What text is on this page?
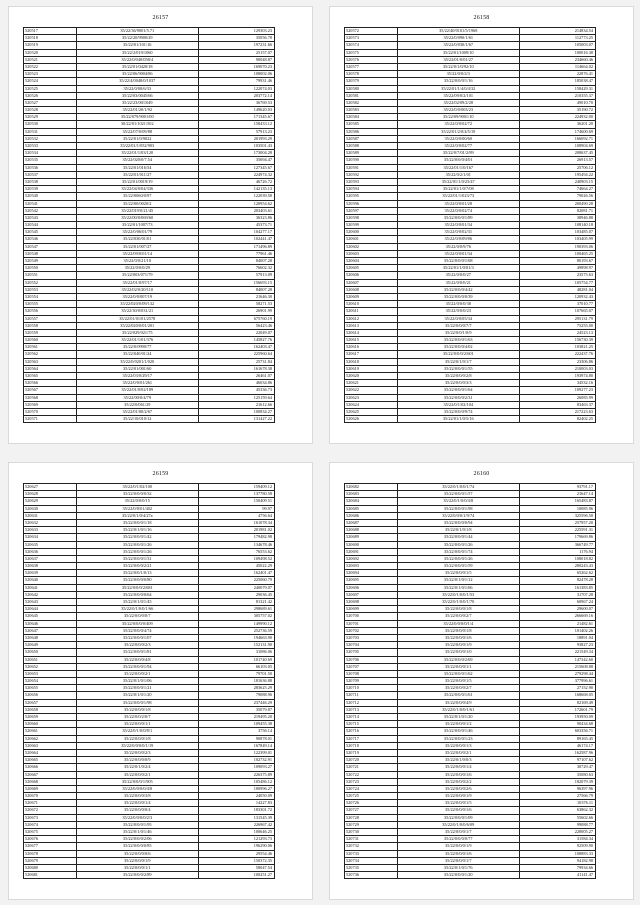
26157
520517	35/22/36/9001/5.71	129303.23
520518	35/22/20/9900/29	35056.78
520519	35/22/01/101/16	197231.66
520520	35/22/2/019/1060	25157.07
520521	35/22/0/040/058/4	90048.87
520522	35/22/01/0420/18	169070.23
520523	35/22/06/9004/86	108002.06
520524	35/22/4/0048/0/1037	79931.46
520525	35/22/0/00/6/33	122074.03
520526	35/22/03/0045/66	203772.14
520527	35/22/23/00/1049	36769.53
520528	35/22/01/20/1/92	149620.03
520529	35/22/079/9001/00	171345.67
520530	30/22/01/1021/502	158433.12
520531	35/22/07/0/09/88	57913.23
520532	35/22/01/0/9022	201993.29
520533	35/22/01/1/052/903	103501.43
520534	35/22/01/1/03/120	173004.28
520535	35/22/020/0/7.54	35694.47
520536	35/22/01/016/54	127345.67
520537	35/22/01/011/27	224974.32
520538	35/22/01/0019/19	46726.72
520539	35/22/04/0/04/336	142135.13
520540	35/22/0060/0/97	122039.58
520541	35/22/00/0020/2	120954.62
520542	35/22/019/0/21/45	203403.61
520543	35/22/00/0/069/60	36323.86
520544	35/22/01/1007/73	45373.71
520545	35/22/0/06/01/79	104277.17
520546	35/22/030/01/01	102441.47
520547	35/22/01/007/27	171496.89
520548	35/22/09/0/01/14	77961.46
520549	35/22/0/0/21/10	84007.28
520550	35/22/0/0/0/29	76602.32
520551	35/22/003/071/79	57913.09
520552	35/22/01/0/97/17	156693.15
520553	35/22/02/0/20/110	84007.28
520554	35/22/0/0/007/19	21646.30
520555	35/22/020/0/09/132	58271.53
520556	35/22/30/0/031/21	26901.99
520557	35/22/01/01/01/2578	675760.19
520558	35/22/020/0/01/201	56423.46
520559	35/22/029/021/75	22049.07
520560	35/22/01/1/01/376	145827.76
520561	35/22/0/0990/77	162403.47
520562	35/22/040/01/24	225960.64
520563	35/22/0/0201/1/020	25731.84
520564	35/22/01/001/60	161678.38
520565	35/22/03/0/29/17	26461.07
520566	35/22/0/0/01/261	46034.86
520567	35/22/01/0/02/189	45336.73
520568	35/22/00/0/4/79	125159.64
520569	35/22/0/061/29	21612.66
520570	35/22/01/00/2/67	100834.27
520571	35/22/10/010/12	131427.22
26158
520572	35/22/40/0101/5/1968	214834.54
520573	35/22/0/090/1/61	112773.25
520574	35/22/0/030/1/67	105003.07
520575	35/22/01/1009/10	100016.38
520576	35/22/01/0/01/27	234660.46
520577	35/22/0/1/0/92/10	114664.02
520578	35/22/0/0/2/3	22876.41
520579	35/22/0/0/0/1/16	185038.47
520580	35/22/01/1/4/0/4/32	158429.31
520581	35/22/09/0/2/101	210355.37
520582	35/22/02/09/2/28	49010.70
520583	35/22/0/0/003/23	35190.72
520584	35/22/09/9001/10	224932.00
520585	35/22/0/0/02/72	36201.20
520586	35/22/01/2/0/4/5/19	174600.69
520587	35/22/0/0/00/60	166092.71
520588	35/22/0/0/02/77	108904.69
520589	35/22/0/7/01/2/89	208637.45
520590	35/22/0/0/0/4/01	26913.57
520591	35/22/01/1/0/167	25706.12
520592	35/22/0/2/1/01	195494.22
520593	35/22/01/1/0/25/47	240903.15
520594	35/22/01/1/0/7/08	74664.27
520595	35/22/01/1/023/73	79026.56
520596	35/22/0/0/01/28	200490.28
520597	35/22/0/0/02/74	82081.71
520598	35/22/0/0/0/1/89	38946.88
520599	35/22/0/0/01/34	108140.18
520600	35/22/0/0/02/31	103485.07
520601	35/22/0/0/09/86	103405.99
520602	35/22/0/0/9/76	190393.06
520603	35/22/0/0/01/34	100465.25
520604	35/22/0/0/0/1/68	80193.67
520605	35/22/01/1/0/01/3	49898.97
520606	35/22/0/0/0/27	23575.63
520607	35/22/0/0/0/21	105754.77
520608	35/22/0/0/0/4/42	48281.04
520609	35/22/0/0/0/0/39	120932.43
520610	35/22/0/0/0/38	37010.77
520611	35/22/0/0/0/23	107665.07
520612	35/22/0/0/05/34	295131.79
520613	35/22/0/0/0/7/7	75255.00
520614	35/22/0/0/1/0/9	24523.13
520615	35/22/0/0/0/1/63	156730.39
520616	35/22/0/0/0/4/02	103821.25
520617	35/22/0/0/0/2/601	222437.76
520618	35/22/0/1/0/1/7	23306.86
520619	35/22/0/0/0/1/55	210003.03
520620	35/22/0/0/0/2/8	193974.80
520621	35/22/0/0/0/3/3	34532.16
520622	35/22/0/0/0/1/64	109277.23
520623	35/22/0/0/0/2/31	26085.99
520624	35/22/0/1/02/104	83463.37
520625	35/22/0/0/0/9/74	217223.63
520626	35/22/01/1/0/5/16	82402.25
26159
520627	35/22/0/1/02/100	159409.12
520628	35/22/0/0/0/0/32	137780.58
520629	35/22/0/0/0/15	150409.51
520630	35/22/0/0/01/402	99.97
520631	35/22/0/1/0/4/27a	4756.64
520632	35/22/0/0/0/1/18	161078.34
520633	35/22/0/1/0/1/16	201981.02
520634	35/22/0/0/0/1/42	179482.98
520635	35/22/0/0/0/1/26	134678.46
520636	35/22/0/0/0/1/26	76553.62
520637	35/22/0/0/0/1/31	109498.52
520638	35/22/0/0/0/2/21	45022.29
520639	35/22/0/0/1/0/13	162401.47
520640	35/22/0/0/0/0/80	225060.79
520641	35/22/0/0/0/2/681	240079.07
520642	35/22/0/0/0/0/64	29036.45
520643	35/22/0/1/0/1/45	81321.42
520644	35/22/0/1/0/0/1/66	298689.61
520645	35/22/0/0/0/0/7	305757.02
520646	35/22/0/0/0/0/409	149990.12
520647	35/22/0/0/0/4/74	252736.59
520648	35/22/0/0/0/1/07	194663.90
520649	35/22/0/0/0/2/3	152131.90
520650	35/22/0/0/0/1/81	31086.06
520651	35/22/0/0/0/4/8	101740.69
520652	35/22/0/0/0/1/94	66103.05
520653	35/22/0/0/0/2/1	79701.50
520654	35/22/0/1/0/1/06	181636.88
520655	35/22/0/0/0/1/21	283625.29
520656	35/22/0/1/0/1/20	79088.96
520657	35/22/0/0/0/1/98	237446.29
520658	35/22/0/0/0/1/8	35079.87
520659	35/22/0/0/2/0/7	219495.20
520660	35/22/0/0/0/1/1	109455.38
520661	35/22/0/1/0/0/8/1	3756.14
520662	35/22/0/0/0/1/8	90878.01
520663	35/22/0/0/0/0/1/19	167849.14
520664	35/22/0/0/0/2/3	122399.01
520665	35/22/0/0/0/0/9	102732.91
520666	35/22/0/1/0/2/4	109093.27
520667	35/22/0/0/0/2/1	226375.89
520668	35/22/0/0/0/1/905	105486.12
520669	35/22/0/0/0/0/4/8	180996.27
520670	35/22/0/0/0/3/8	24050.09
520671	35/22/0/0/0/1/4	14227.83
520672	35/22/0/0/0/0/4	183301.72
520673	35/22/0/0/0/0/2/3	131545.39
520674	35/22/0/0/0/1/95	226967.42
520675	35/22/0/1/0/1/46	100646.25
520676	35/22/0/0/0/2/06	121293.73
520677	35/22/0/0/0/0/85	196290.06
520678	35/22/0/0/0/0/6	29554.46
520679	35/22/0/0/0/1/9	150372.35
520680	35/22/0/0/0/1/1	58047.54
520681	35/22/0/0/0/2/89	100251.27
26160
520682	35/22/0/1/0/0/1/74	93791.17
520683	35/22/0/0/0/1/57	21647.14
520684	35/22/0/1/0/0/4/8	165483.87
520685	35/22/0/0/0/1/98	10085.96
520686	35/22/0/0/0/1/9/74	325596.58
520687	35/22/0/0/0/0/94	257957.20
520688	35/22/0/1/0/1/8	225591.31
520689	35/22/0/0/0/1/44	179669.86
520690	35/22/0/0/0/1/26	366749.77
520691	35/22/0/0/0/1/74	1176.94
520692	35/22/0/0/0/1/26	108018.82
520693	35/22/0/0/0/1/59	280243.43
520694	35/22/0/0/0/1/5	65262.62
520695	35/22/0/1/0/1/12	82478.28
520696	35/22/0/1/0/1/66	161383.85
520697	35/22/0/1/0/0/1/53	31707.28
520698	35/22/0/1/0/0/1/70	60967.24
520699	35/22/0/0/0/1/8	29600.07
520700	35/22/0/0/0/2/7	266669.16
520701	35/22/0/0/0/0/1/4	21482.61
520702	35/22/0/0/0/1/8	101402.26
520703	35/22/0/0/0/1/6	18891.04
520704	35/22/0/0/0/1/9	93827.23
520705	35/22/0/0/0/1/0	221549.34
520706	35/22/0/0/0/2/69	147342.60
520707	35/22/0/0/0/1/1	215608.88
520708	35/22/0/0/0/1/62	279298.44
520709	35/22/0/0/0/1/5	377996.61
520710	35/22/0/0/0/2/7	27152.90
520711	35/22/0/0/0/1/61	168668.05
520712	35/22/0/0/0/4/9	82169.49
520713	35/22/0/1/0/0/1/61	172601.79
520714	35/22/0/1/0/1/20	193950.09
520715	35/22/0/0/0/1/2	90434.68
520716	35/22/0/0/0/1/46	603356.71
520717	35/22/0/0/0/1/23	89165.45
520718	35/22/0/0/0/1/3	46174.17
520719	35/22/0/0/0/2/1	162587.96
520720	35/22/0/1/0/0/3	97107.62
520721	35/22/0/0/0/1/4	30729.47
520722	35/22/0/0/0/1/6	35080.63
520723	35/22/0/0/0/2/2	182079.39
520724	35/22/0/0/0/2/6	96397.96
520725	35/22/0/0/0/1/9	27566.79
520726	35/22/0/0/0/1/5	10376.11
520727	35/22/0/0/0/1/6	63862.32
520728	35/22/0/0/0/1/09	55602.66
520729	35/22/0/1/0/0/6/09	99088.77
520730	35/22/0/0/0/1/7	228005.27
520731	35/22/0/0/0/0/77	31584.34
520732	35/22/0/0/0/1/9	92509.90
520733	35/22/0/0/0/1/6	108883.33
520734	35/22/0/0/0/1/7	94182.98
520735	35/22/0/1/0/1/76	79934.66
520736	35/22/0/0/0/1/20	41141.47
